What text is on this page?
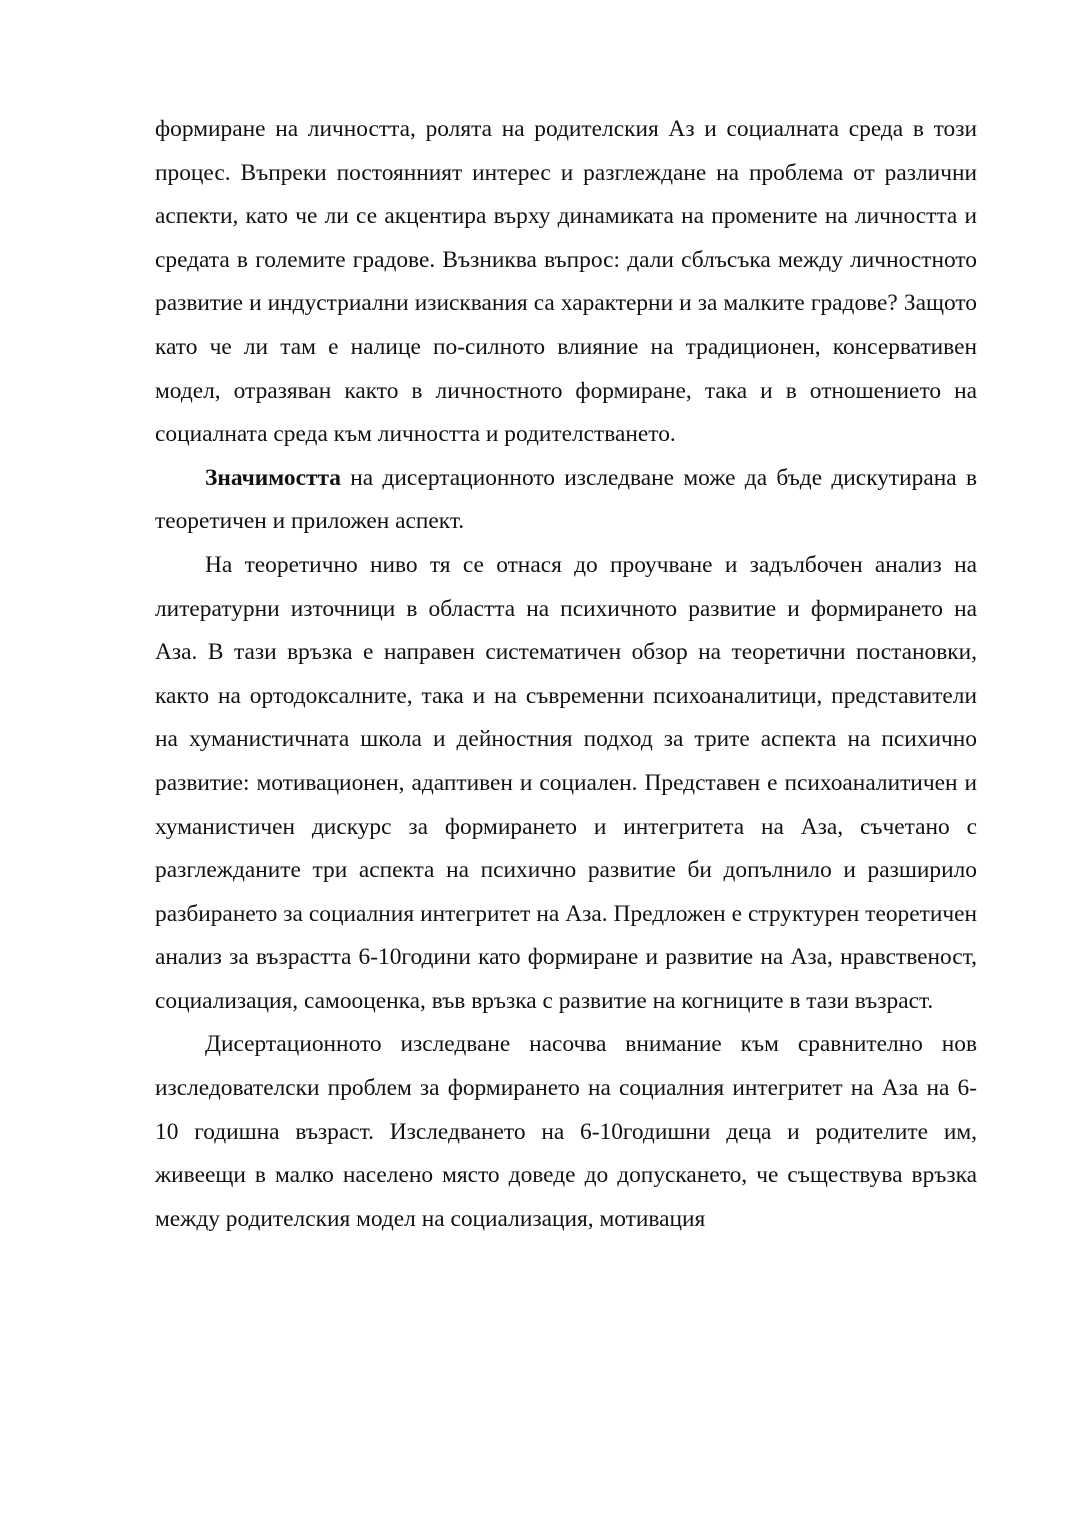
формиране на личността, ролята на родителския Аз и социалната среда в този процес. Въпреки постоянният интерес и разглеждане на проблема от различни аспекти, като че ли се акцентира върху динамиката на промените на личността и средата в големите градове. Възниква въпрос: дали сблъсъка между личностното развитие и индустриални изисквания са характерни и за малките градове? Защото като че ли там е налице по-силното влияние на традиционен, консервативен модел, отразяван както в личностното формиране, така и в отношението на социалната среда към личността и родителстването.

Значимостта на дисертационното изследване може да бъде дискутирана в теоретичен и приложен аспект.

На теоретично ниво тя се отнася до проучване и задълбочен анализ на литературни източници в областта на психичното развитие и формирането на Аза. В тази връзка е направен систематичен обзор на теоретични постановки, както на ортодоксалните, така и на съвременни психоаналитици, представители на хуманистичната школа и дейностния подход за трите аспекта на психично развитие: мотивационен, адаптивен и социален. Представен е психоаналитичен и хуманистичен дискурс за формирането и интегритета на Аза, съчетано с разглежданите три аспекта на психично развитие би допълнило и разширило разбирането за социалния интегритет на Аза. Предложен е структурен теоретичен анализ за възрастта 6-10години като формиране и развитие на Аза, нравственост, социализация, самооценка, във връзка с развитие на когниците в тази възраст.

Дисертационното изследване насочва внимание към сравнително нов изследователски проблем за формирането на социалния интегритет на Аза на 6-10 годишна възраст. Изследването на 6-10годишни деца и родителите им, живеещи в малко населено място доведе до допускането, че съществува връзка между родителския модел на социализация, мотивация
